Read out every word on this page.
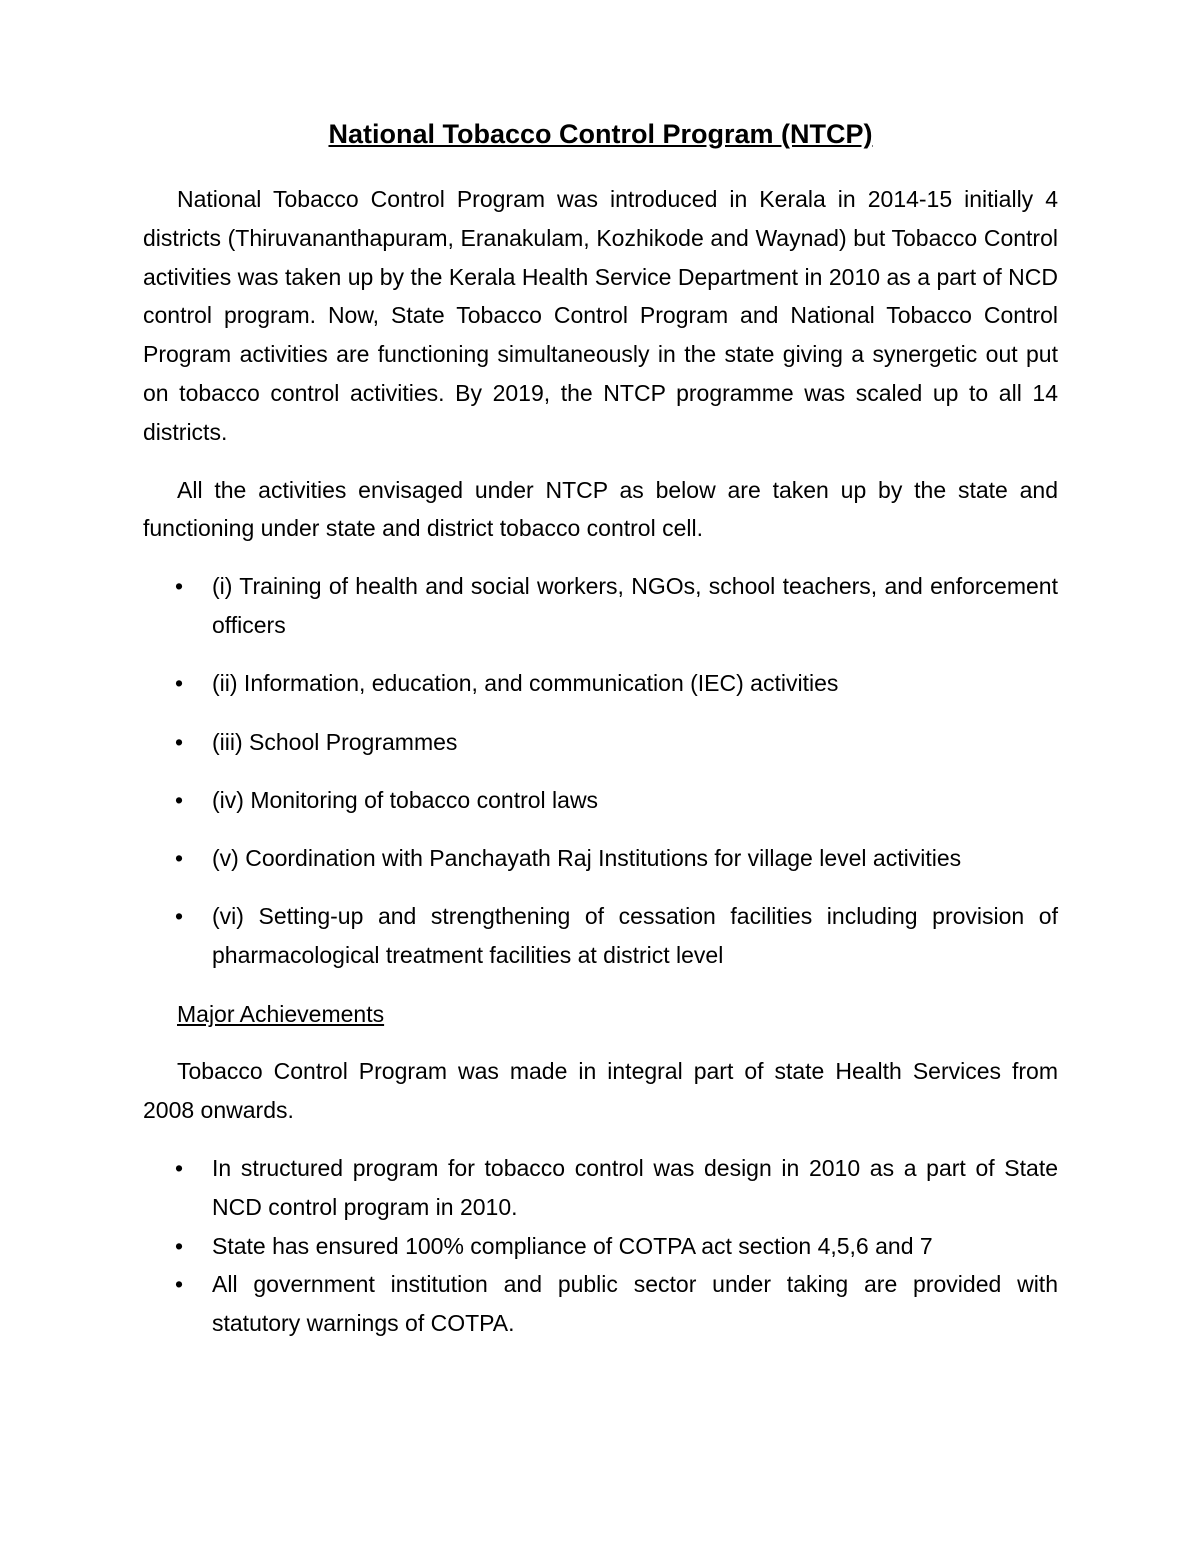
National Tobacco Control Program (NTCP)

National Tobacco Control Program was introduced in Kerala in 2014-15 initially 4 districts (Thiruvananthapuram, Eranakulam, Kozhikode and Waynad) but Tobacco Control activities was taken up by the Kerala Health Service Department in 2010 as a part of NCD control program. Now, State Tobacco Control Program and National Tobacco Control Program activities are functioning simultaneously in the state giving a synergetic out put on tobacco control activities. By 2019, the NTCP programme was scaled up to all 14 districts.

All the activities envisaged under NTCP as below are taken up by the state and functioning under state and district tobacco control cell.

• (i) Training of health and social workers, NGOs, school teachers, and enforcement officers
• (ii) Information, education, and communication (IEC) activities
• (iii) School Programmes
• (iv) Monitoring of tobacco control laws
• (v) Coordination with Panchayath Raj Institutions for village level activities
• (vi) Setting-up and strengthening of cessation facilities including provision of pharmacological treatment facilities at district level
Major Achievements

Tobacco Control Program was made in integral part of state Health Services from 2008 onwards.

• In structured program for tobacco control was design in 2010 as a part of State NCD control program in 2010.
• State has ensured 100% compliance of COTPA act section 4,5,6 and 7
• All government institution and public sector under taking are provided with statutory warnings of COTPA.
